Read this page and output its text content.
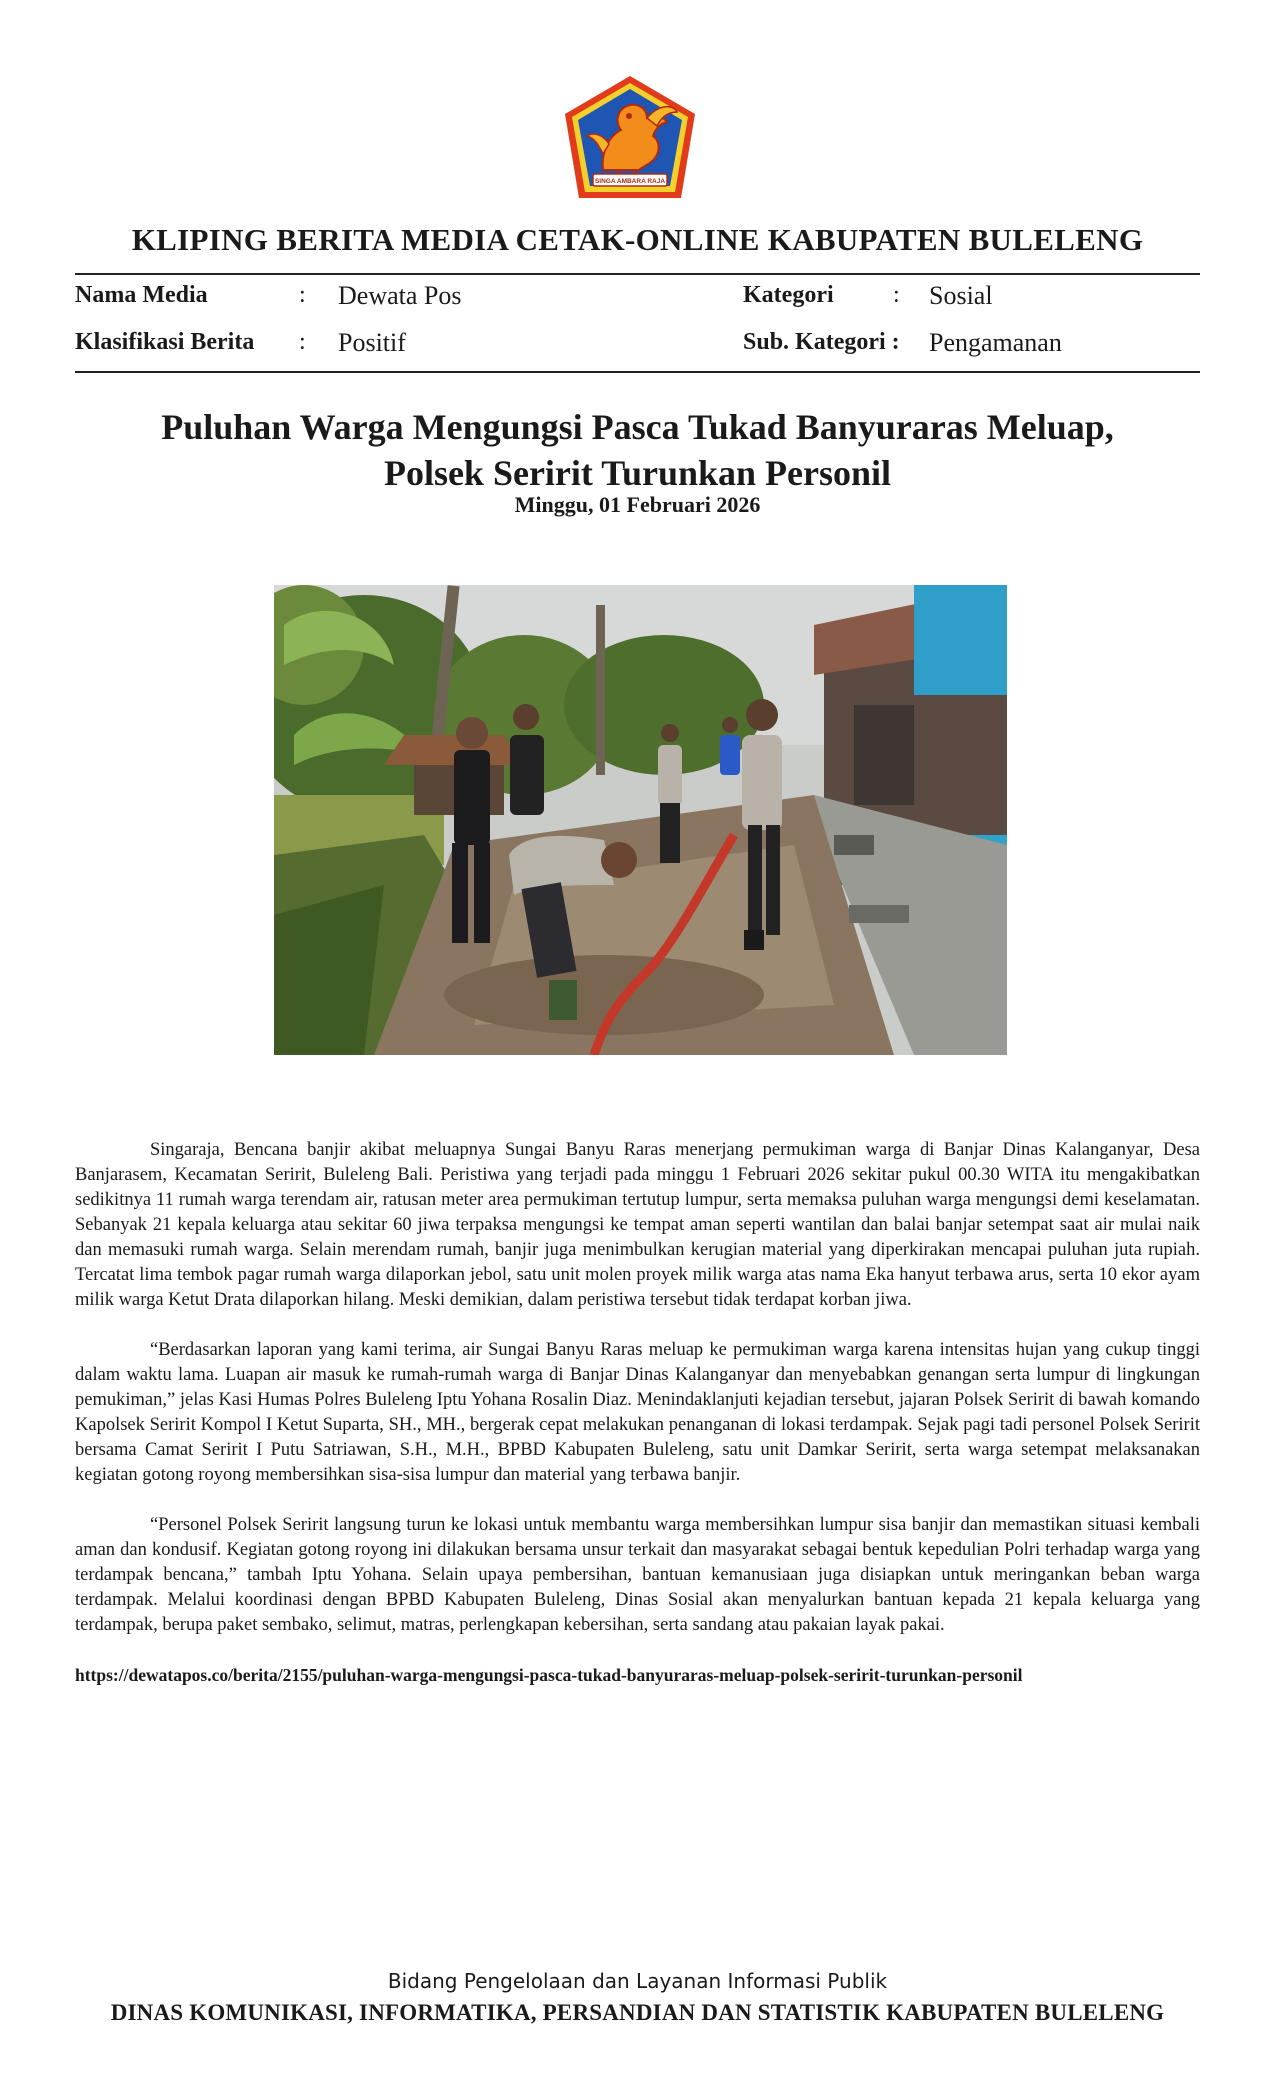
SINGA AMBARA RAJA
KLIPING BERITA MEDIA CETAK-ONLINE KABUPATEN BULELENG
Nama Media	: Dewata Pos	Kategori : Sosial
Klasifikasi Berita : Positif	Sub. Kategori : Pengamanan
Puluhan Warga Mengungsi Pasca Tukad Banyuraras Meluap,
Polsek Seririt Turunkan Personil
Minggu, 01 Februari 2026

Singaraja, Bencana banjir akibat meluapnya Sungai Banyu Raras menerjang permukiman warga di Banjar Dinas Kalanganyar, Desa Banjarasem, Kecamatan Seririt, Buleleng Bali. Peristiwa yang terjadi pada minggu 1 Februari 2026 sekitar pukul 00.30 WITA itu mengakibatkan sedikitnya 11 rumah warga terendam air, ratusan meter area permukiman tertutup lumpur, serta memaksa puluhan warga mengungsi demi keselamatan. Sebanyak 21 kepala keluarga atau sekitar 60 jiwa terpaksa mengungsi ke tempat aman seperti wantilan dan balai banjar setempat saat air mulai naik dan memasuki rumah warga. Selain merendam rumah, banjir juga menimbulkan kerugian material yang diperkirakan mencapai puluhan juta rupiah. Tercatat lima tembok pagar rumah warga dilaporkan jebol, satu unit molen proyek milik warga atas nama Eka hanyut terbawa arus, serta 10 ekor ayam milik warga Ketut Drata dilaporkan hilang. Meski demikian, dalam peristiwa tersebut tidak terdapat korban jiwa.

“Berdasarkan laporan yang kami terima, air Sungai Banyu Raras meluap ke permukiman warga karena intensitas hujan yang cukup tinggi dalam waktu lama. Luapan air masuk ke rumah-rumah warga di Banjar Dinas Kalanganyar dan menyebabkan genangan serta lumpur di lingkungan pemukiman,” jelas Kasi Humas Polres Buleleng Iptu Yohana Rosalin Diaz. Menindaklanjuti kejadian tersebut, jajaran Polsek Seririt di bawah komando Kapolsek Seririt Kompol I Ketut Suparta, SH., MH., bergerak cepat melakukan penanganan di lokasi terdampak. Sejak pagi tadi personel Polsek Seririt bersama Camat Seririt I Putu Satriawan, S.H., M.H., BPBD Kabupaten Buleleng, satu unit Damkar Seririt, serta warga setempat melaksanakan kegiatan gotong royong membersihkan sisa-sisa lumpur dan material yang terbawa banjir.

“Personel Polsek Seririt langsung turun ke lokasi untuk membantu warga membersihkan lumpur sisa banjir dan memastikan situasi kembali aman dan kondusif. Kegiatan gotong royong ini dilakukan bersama unsur terkait dan masyarakat sebagai bentuk kepedulian Polri terhadap warga yang terdampak bencana,” tambah Iptu Yohana. Selain upaya pembersihan, bantuan kemanusiaan juga disiapkan untuk meringankan beban warga terdampak. Melalui koordinasi dengan BPBD Kabupaten Buleleng, Dinas Sosial akan menyalurkan bantuan kepada 21 kepala keluarga yang terdampak, berupa paket sembako, selimut, matras, perlengkapan kebersihan, serta sandang atau pakaian layak pakai.

https://dewatapos.co/berita/2155/puluhan-warga-mengungsi-pasca-tukad-banyuraras-meluap-polsek-seririt-turunkan-personil

Bidang Pengelolaan dan Layanan Informasi Publik
DINAS KOMUNIKASI, INFORMATIKA, PERSANDIAN DAN STATISTIK KABUPATEN BULELENG
